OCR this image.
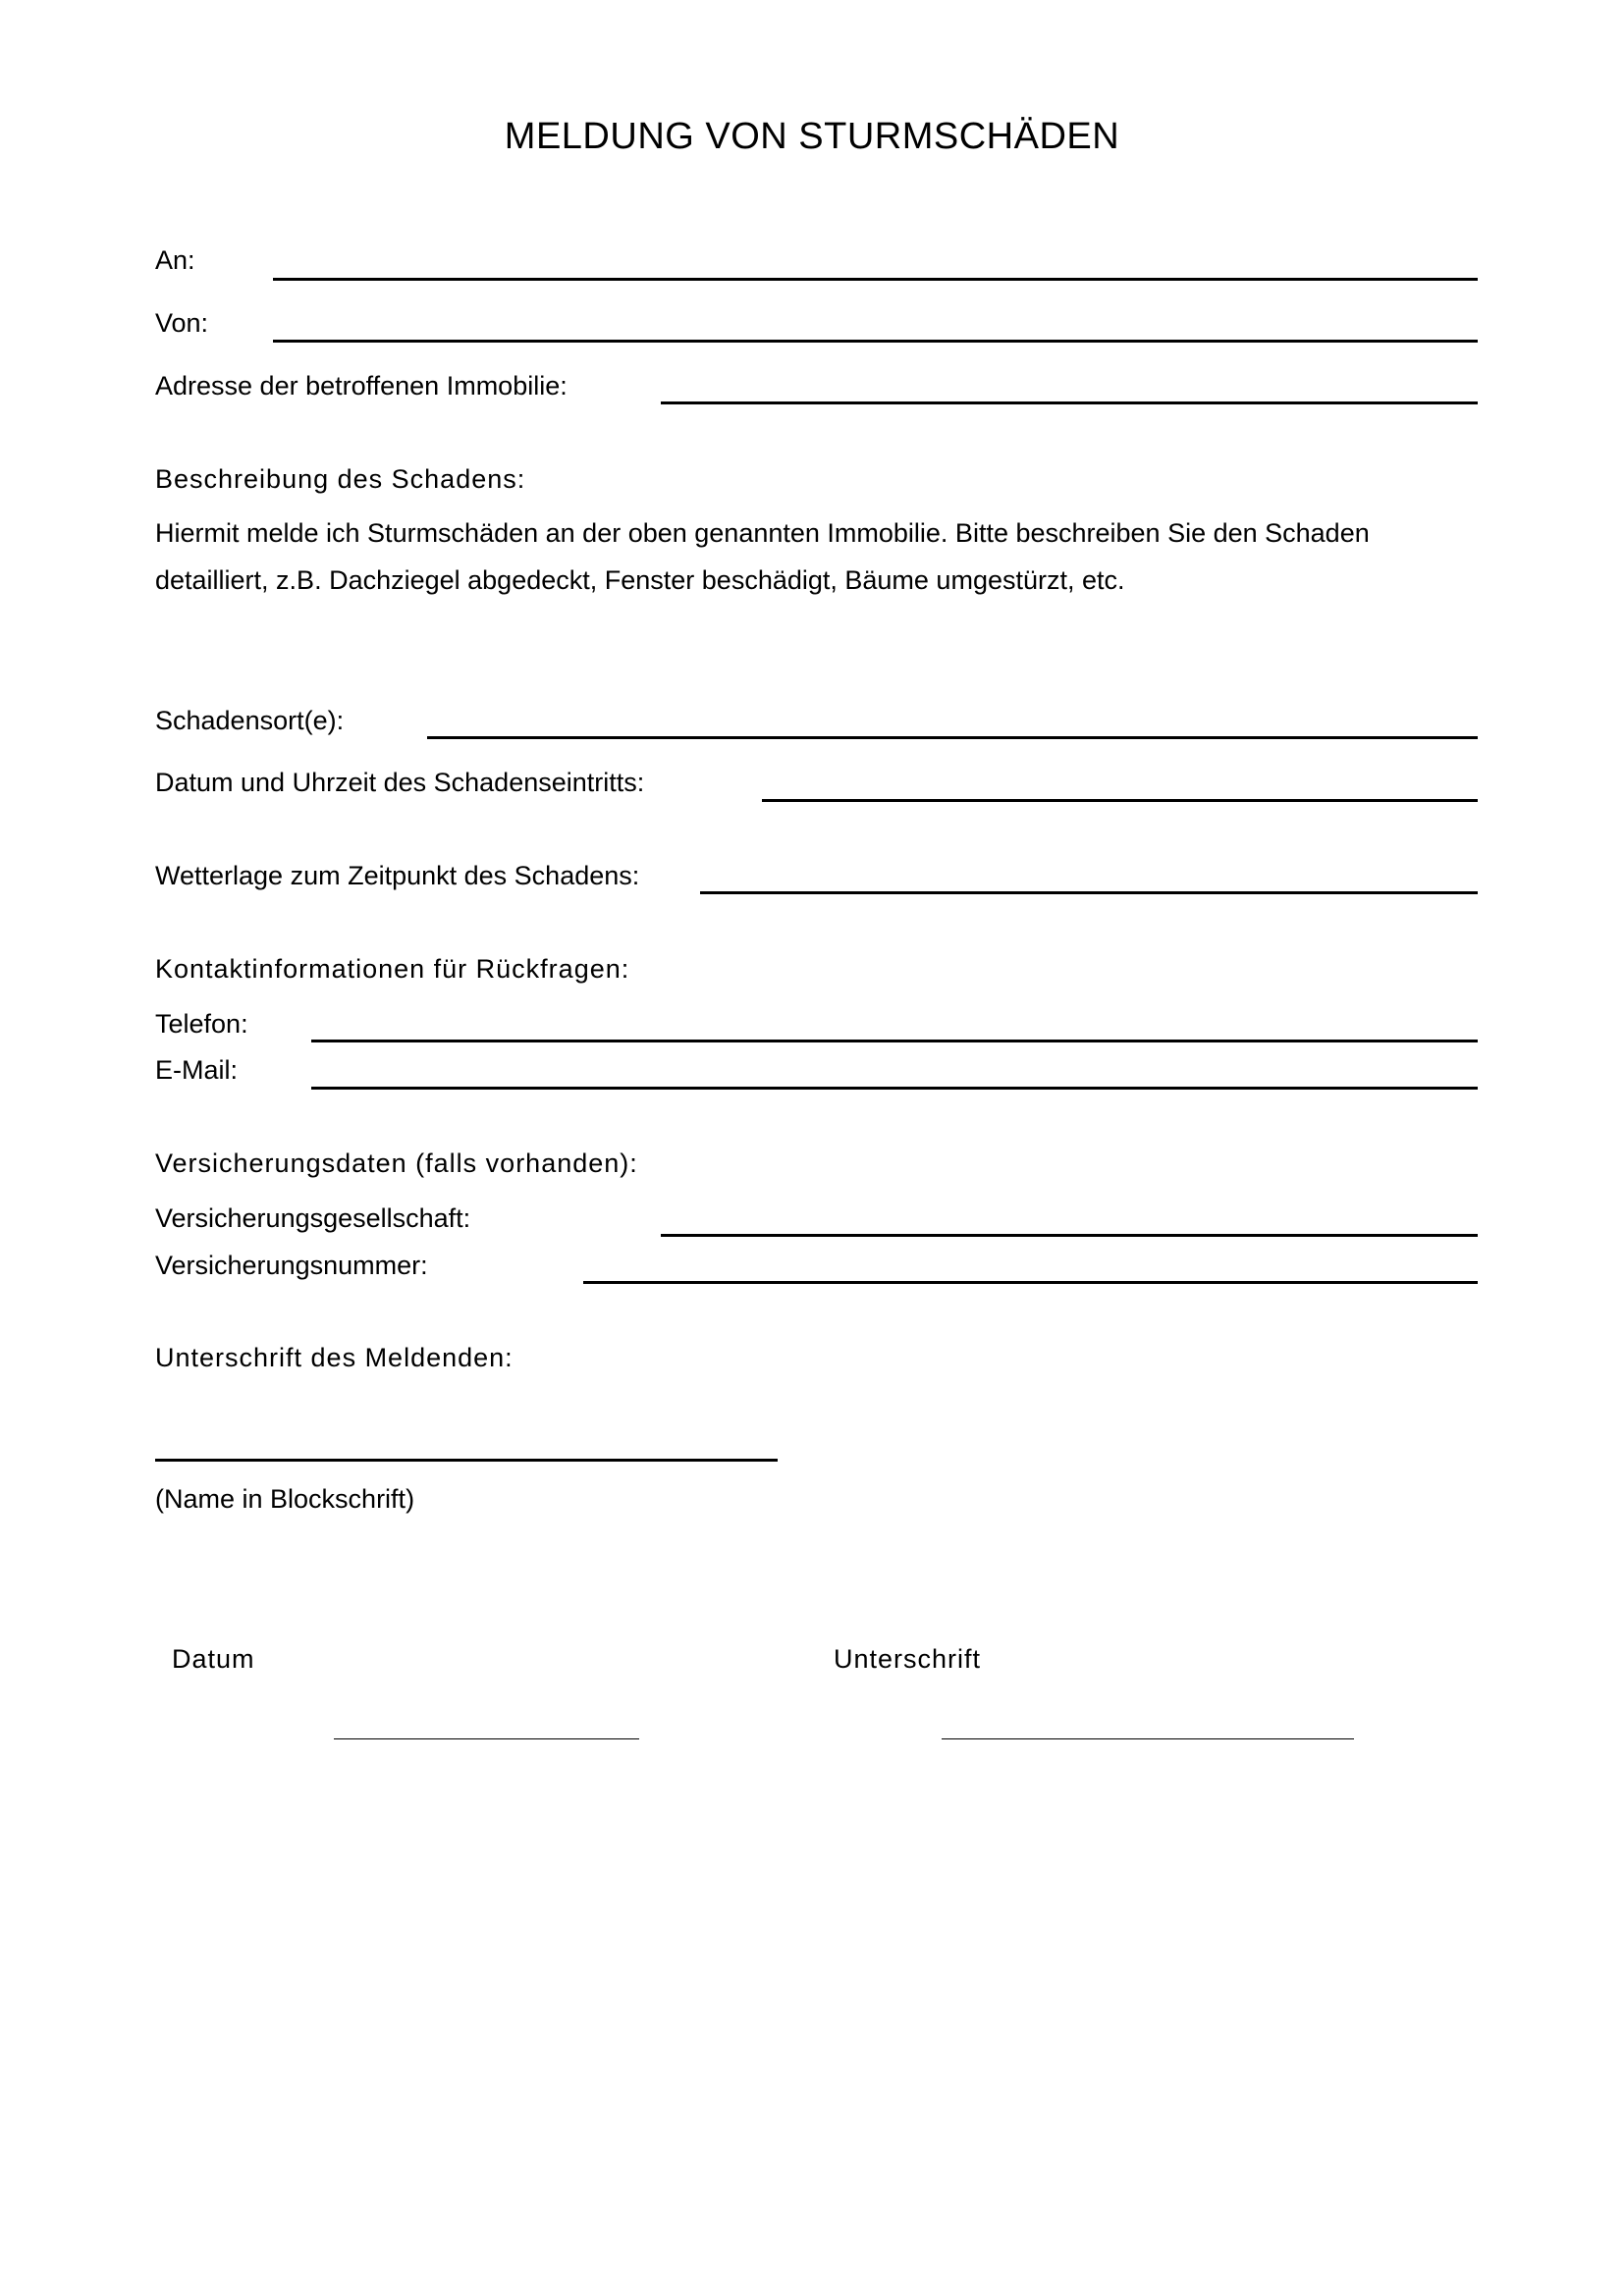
MELDUNG VON STURMSCHÄDEN
An:
Von:
Adresse der betroffenen Immobilie:
Beschreibung des Schadens:
Hiermit melde ich Sturmschäden an der oben genannten Immobilie. Bitte beschreiben Sie den Schaden detailliert, z.B. Dachziegel abgedeckt, Fenster beschädigt, Bäume umgestürzt, etc.
Schadensort(e):
Datum und Uhrzeit des Schadenseintritts:
Wetterlage zum Zeitpunkt des Schadens:
Kontaktinformationen für Rückfragen:
Telefon:
E-Mail:
Versicherungsdaten (falls vorhanden):
Versicherungsgesellschaft:
Versicherungsnummer:
Unterschrift des Meldenden:
(Name in Blockschrift)
Datum	Unterschrift
